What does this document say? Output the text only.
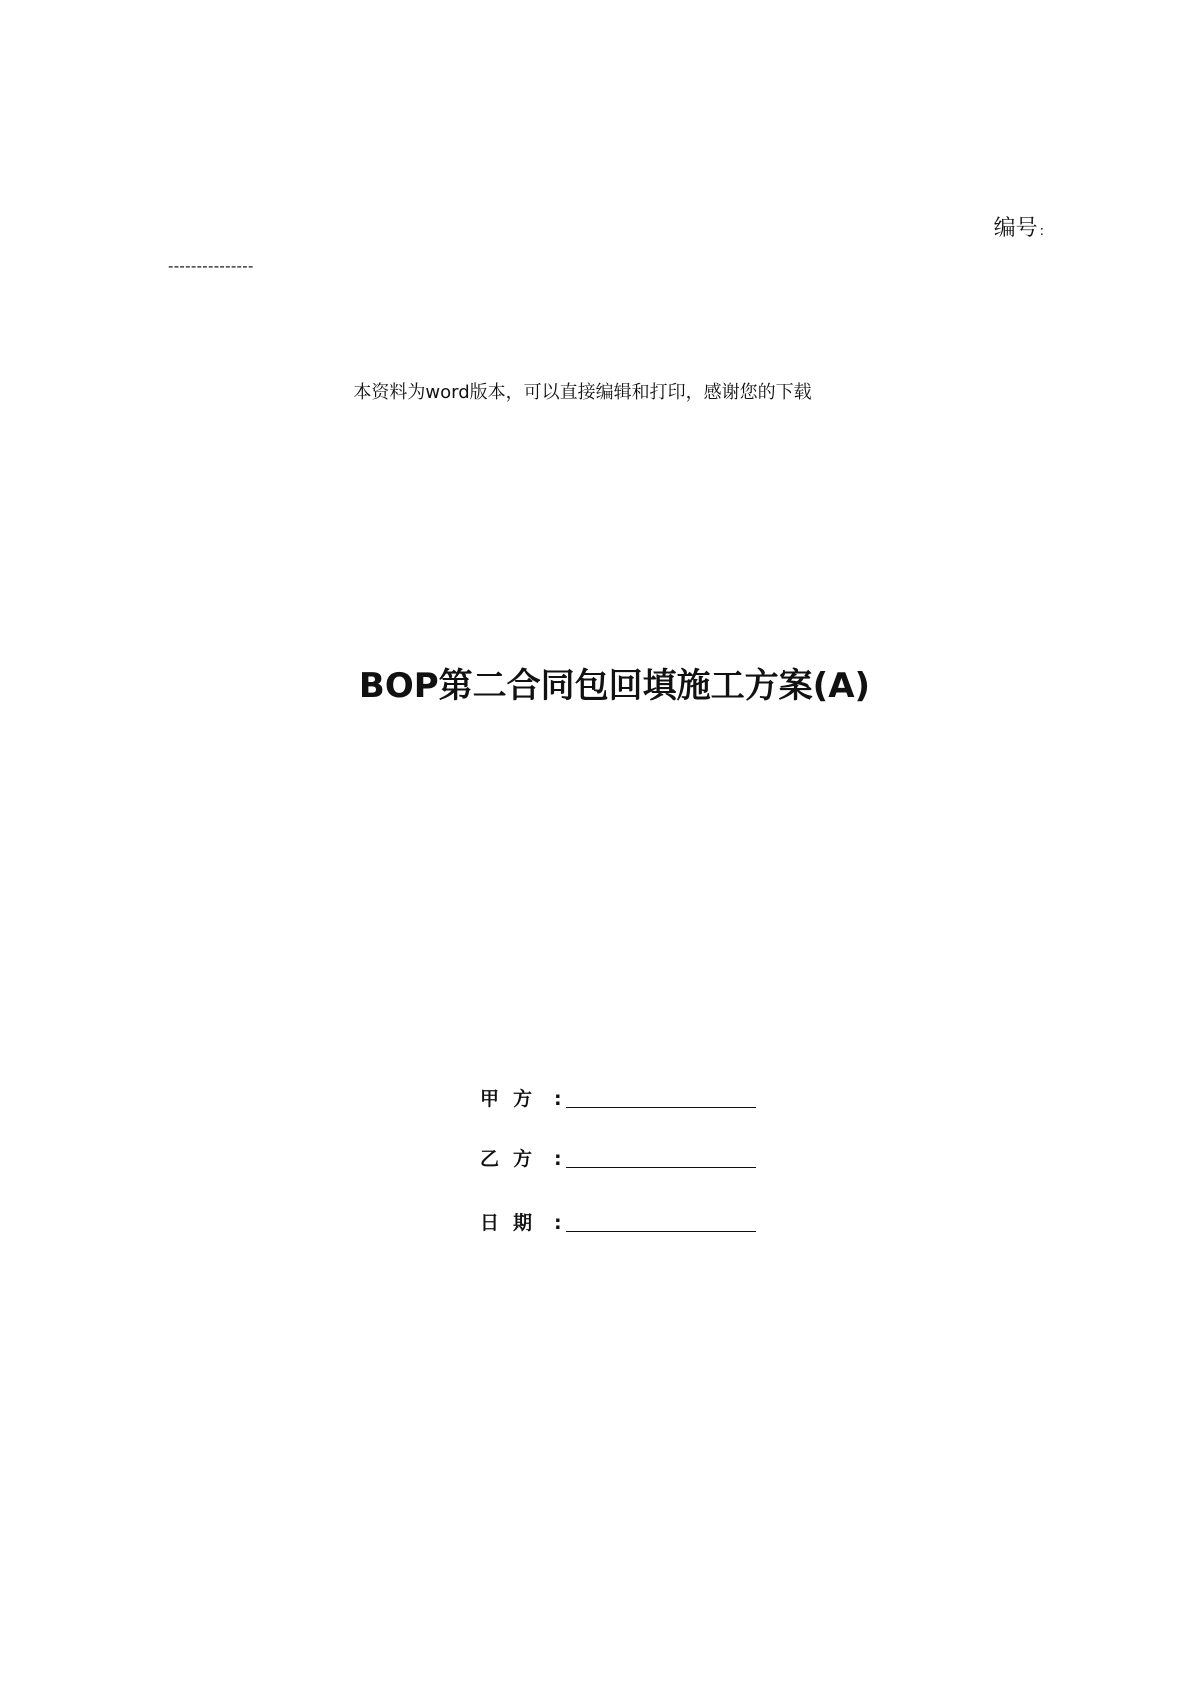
编号 :
---------------
本资料为word版本，可以直接编辑和打印，感谢您的下载
BOP第二合同包回填施工方案(A)
甲方 :
乙方 :
日期 :
